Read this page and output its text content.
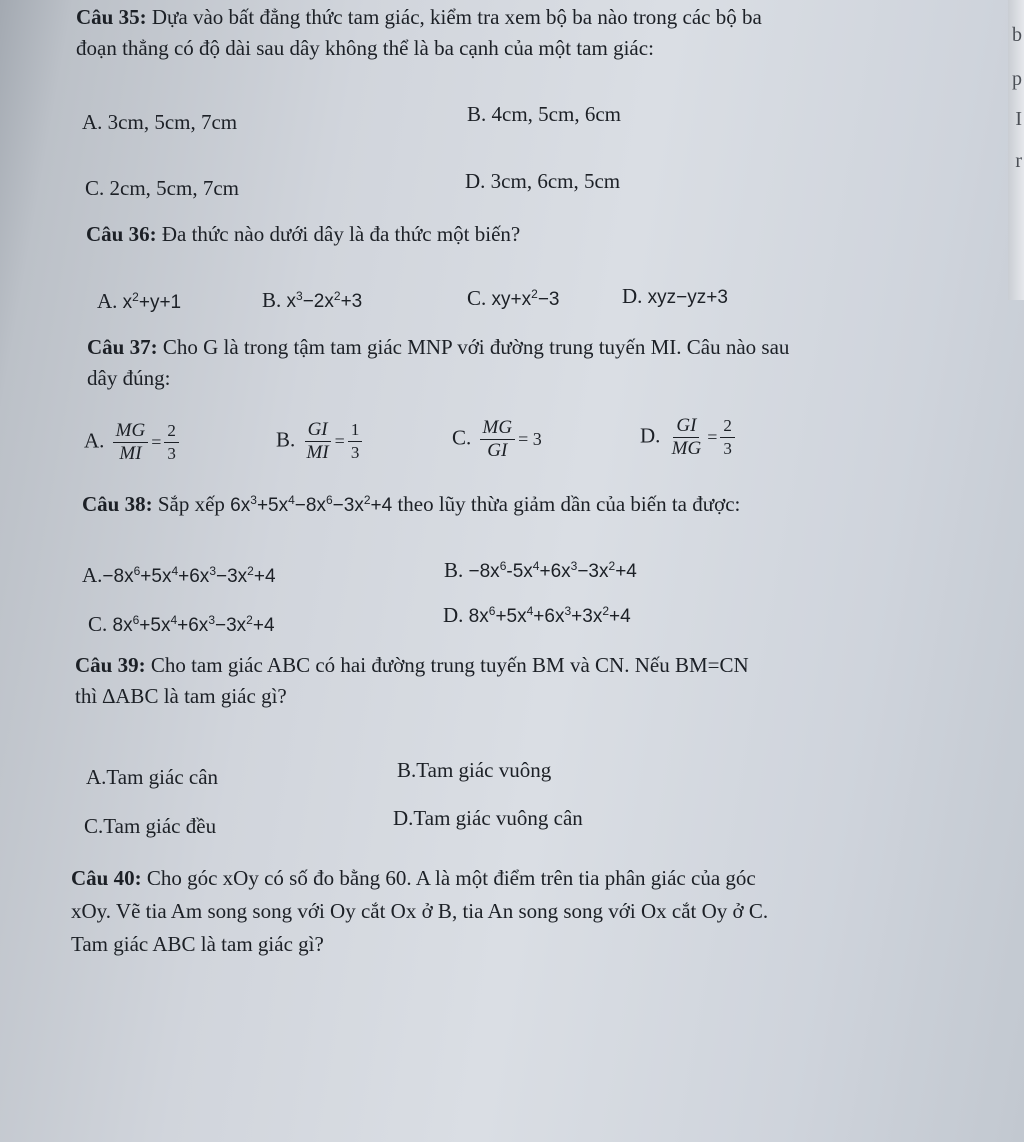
b
p
I
r
Câu 35: Dựa vào bất đẳng thức tam giác, kiểm tra xem bộ ba nào trong các bộ ba
đoạn thẳng có độ dài sau dây không thể là ba cạnh của một tam giác:
A. 3cm, 5cm, 7cm	B. 4cm, 5cm, 6cm
C. 2cm, 5cm, 7cm	D. 3cm, 6cm, 5cm
Câu 36: Đa thức nào dưới dây là đa thức một biến?
A. $x^2+y+1$	B. $x^3-2x^2+3$	C. $xy+x^2-3$	D. xyz−yz+3
Câu 37: Cho G là trong tậm tam giác MNP với đường trung tuyến MI. Câu nào sau
dây đúng:
A. $\frac{MG}{MI} = \frac{2}{3}$	B. $\frac{GI}{MI} = \frac{1}{3}$	C. $\frac{MG}{GI} = 3$	D. $\frac{GI}{MG} = \frac{2}{3}$
Câu 38: Sắp xếp $6x^3+5x^4-8x^6-3x^2+4$ theo lũy thừa giảm dần của biến ta được:
$A.-8x^6+5x^4+6x^3-3x^2+4$	B. $-8x^6-5x^4+6x^3-3x^2+4$
C. $8x^6+5x^4+6x^3-3x^2+4$	D. $8x^6+5x^4+6x^3+3x^2+4$
Câu 39: Cho tam giác ABC có hai đường trung tuyến BM và CN. Nếu BM=CN
thì ∆ABC là tam giác gì?
A.Tam giác cân	B.Tam giác vuông
C.Tam giác đều	D.Tam giác vuông cân
Câu 40: Cho góc xOy có số đo bằng 60. A là một điểm trên tia phân giác của góc
xOy. Vẽ tia Am song song với Oy cắt Ox ở B, tia An song song với Ox cắt Oy ở C.
Tam giác ABC là tam giác gì?
